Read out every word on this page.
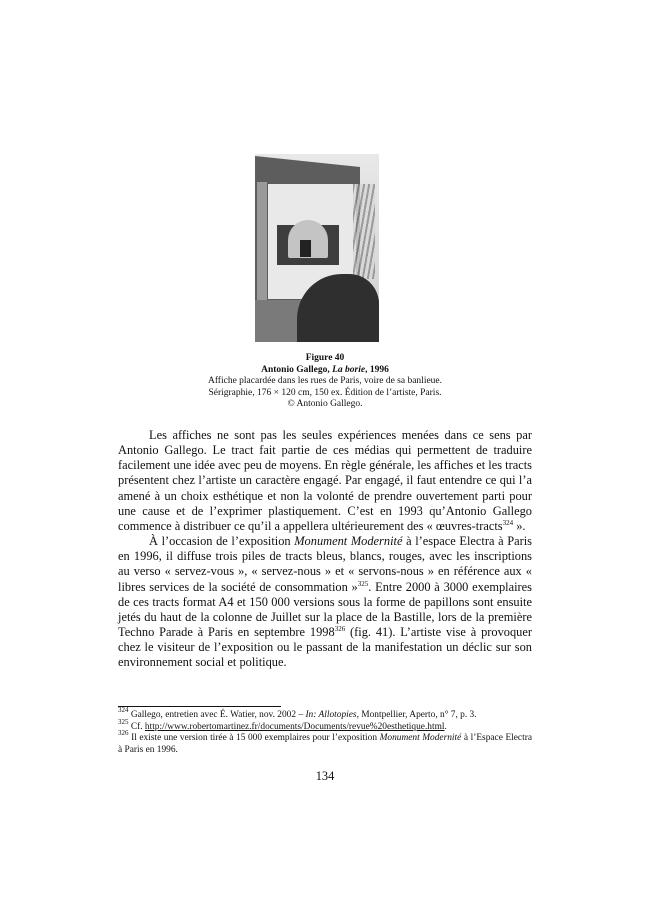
Figure 40
Antonio Gallego, La borie, 1996
Affiche placardée dans les rues de Paris, voire de sa banlieue.
Sérigraphie, 176 × 120 cm, 150 ex. Édition de l’artiste, Paris.
© Antonio Gallego.

Les affiches ne sont pas les seules expériences menées dans ce sens par Antonio Gallego. Le tract fait partie de ces médias qui permettent de traduire facilement une idée avec peu de moyens. En règle générale, les affiches et les tracts présentent chez l’artiste un caractère engagé. Par engagé, il faut entendre ce qui l’a amené à un choix esthétique et non la volonté de prendre ouvertement parti pour une cause et de l’exprimer plastiquement. C’est en 1993 qu’Antonio Gallego commence à distribuer ce qu’il a appellera ultérieurement des « œuvres-tracts$^{324}$ ».

À l’occasion de l’exposition Monument Modernité à l’espace Electra à Paris en 1996, il diffuse trois piles de tracts bleus, blancs, rouges, avec les inscriptions au verso « servez-vous », « servez-nous » et « servons-nous » en référence aux « libres services de la société de consommation »$^{325}$. Entre 2000 à 3000 exemplaires de ces tracts format A4 et 150 000 versions sous la forme de papillons sont ensuite jetés du haut de la colonne de Juillet sur la place de la Bastille, lors de la première Techno Parade à Paris en septembre 1998$^{326}$ (fig. 41). L’artiste vise à provoquer chez le visiteur de l’exposition ou le passant de la manifestation un déclic sur son environnement social et politique.

$^{324}$ Gallego, entretien avec É. Watier, nov. 2002 – In: Allotopies, Montpellier, Aperto, n° 7, p. 3.

$^{325}$ Cf. http://www.robertomartinez.fr/documents/Documents/revue%20esthetique.html.

$^{326}$ Il existe une version tirée à 15 000 exemplaires pour l’exposition Monument Modernité à l’Espace Electra à Paris en 1996.

134
